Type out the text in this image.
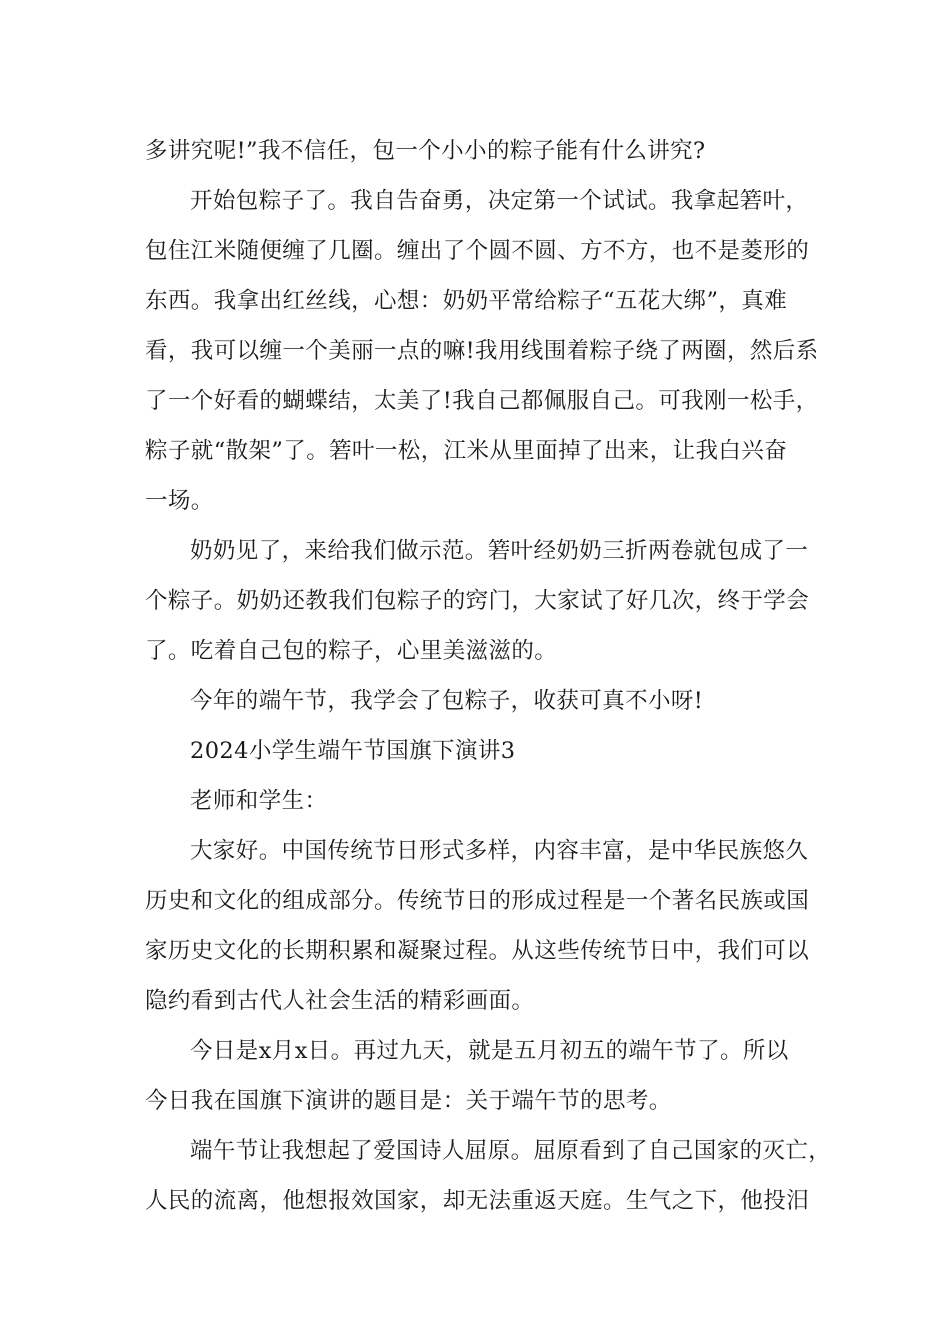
多讲究呢!”我不信任，包一个小小的粽子能有什么讲究?
开始包粽子了。我自告奋勇，决定第一个试试。我拿起箬叶，
包住江米随便缠了几圈。缠出了个圆不圆、方不方，也不是菱形的
东西。我拿出红丝线，心想：奶奶平常给粽子“五花大绑”，真难
看，我可以缠一个美丽一点的嘛!我用线围着粽子绕了两圈，然后系
了一个好看的蝴蝶结，太美了!我自己都佩服自己。可我刚一松手，
粽子就“散架”了。箬叶一松，江米从里面掉了出来，让我白兴奋
一场。
奶奶见了，来给我们做示范。箬叶经奶奶三折两卷就包成了一
个粽子。奶奶还教我们包粽子的窍门，大家试了好几次，终于学会
了。吃着自己包的粽子，心里美滋滋的。
今年的端午节，我学会了包粽子，收获可真不小呀!
2024小学生端午节国旗下演讲3
老师和学生：
大家好。中国传统节日形式多样，内容丰富，是中华民族悠久
历史和文化的组成部分。传统节日的形成过程是一个著名民族或国
家历史文化的长期积累和凝聚过程。从这些传统节日中，我们可以
隐约看到古代人社会生活的精彩画面。
今日是x月x日。再过九天，就是五月初五的端午节了。所以
今日我在国旗下演讲的题目是：关于端午节的思考。
端午节让我想起了爱国诗人屈原。屈原看到了自己国家的灭亡，
人民的流离，他想报效国家，却无法重返天庭。生气之下，他投汨
